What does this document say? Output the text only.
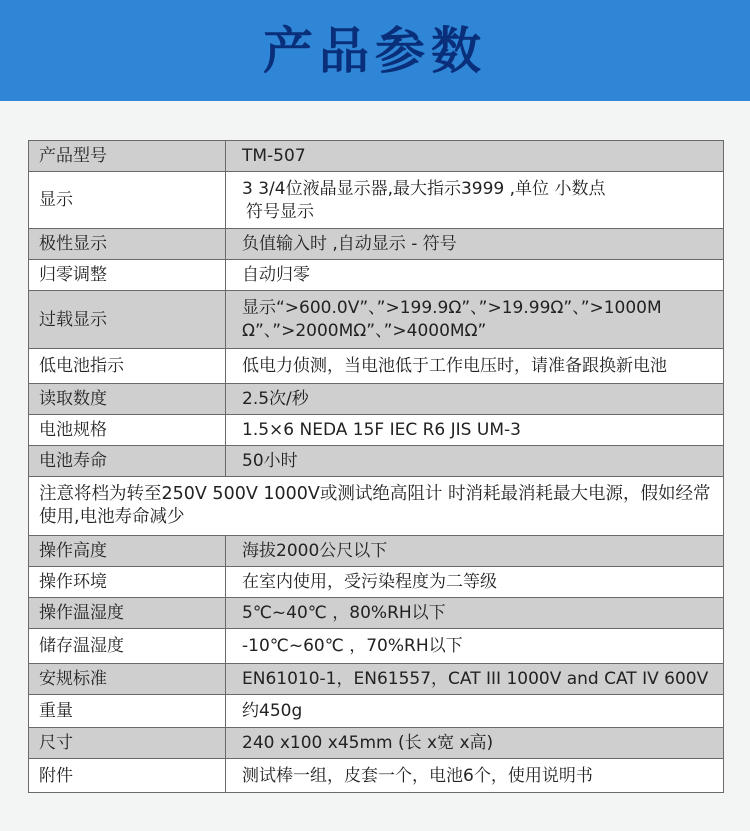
产品参数
产品型号	TM-507
显示	3 3/4位液晶显示器,最大指示3999 ,单位 小数点
符号显示

极性显示	负值输入时 ,自动显示 - 符号
归零调整	自动归零
过载显示	显示“>600.0V”、”>199.9Ω”、”>19.99Ω”、”>1000MΩ”、”>2000MΩ”、”>4000MΩ”
低电池指示	低电力侦测，当电池低于工作电压时，请准备跟换新电池
读取数度	2.5次/秒
电池规格	1.5×6 NEDA 15F IEC R6 JIS UM-3
电池寿命	50小时
注意将档为转至250V 500V 1000V或测试绝高阻计 时消耗最消耗最大电源，假如经常使用,电池寿命减少	
操作高度	海拔2000公尺以下
操作环境	在室内使用，受污染程度为二等级
操作温湿度	5℃~40℃ ，80%RH以下
储存温湿度	-10℃~60℃ ，70%RH以下
安规标准	EN61010-1，EN61557，CAT III 1000V and CAT IV 600V
重量	约450g
尺寸	240 x100 x45mm (长 x宽 x高)
附件	测试棒一组，皮套一个，电池6个，使用说明书
